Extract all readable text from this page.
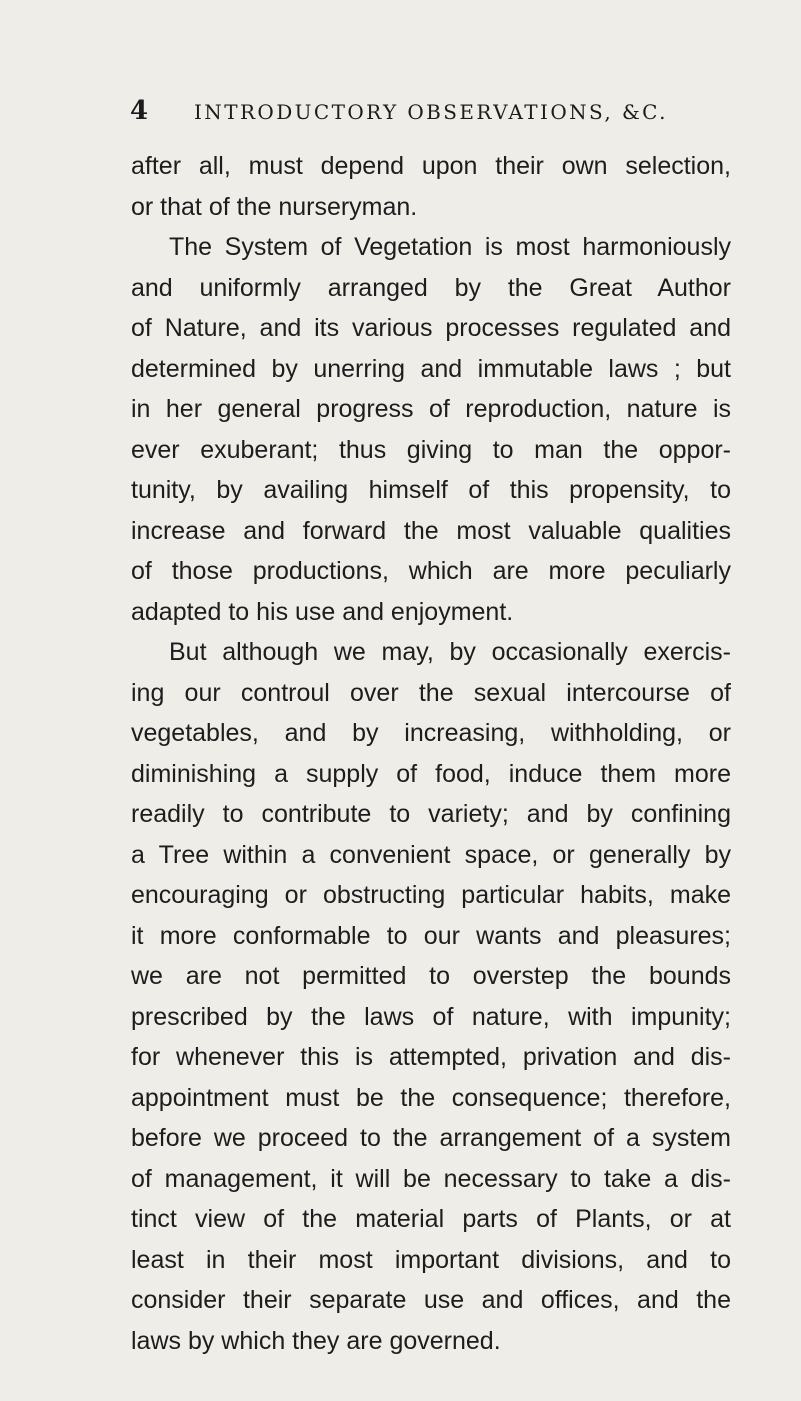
4 INTRODUCTORY OBSERVATIONS, &C.
after all, must depend upon their own selection,
or that of the nurseryman.
The System of Vegetation is most harmoniously
and uniformly arranged by the Great Author
of Nature, and its various processes regulated and
determined by unerring and immutable laws ; but
in her general progress of reproduction, nature is
ever exuberant; thus giving to man the oppor-
tunity, by availing himself of this propensity, to
increase and forward the most valuable qualities
of those productions, which are more peculiarly
adapted to his use and enjoyment.
But although we may, by occasionally exercis-
ing our controul over the sexual intercourse of
vegetables, and by increasing, withholding, or
diminishing a supply of food, induce them more
readily to contribute to variety; and by confining
a Tree within a convenient space, or generally by
encouraging or obstructing particular habits, make
it more conformable to our wants and pleasures;
we are not permitted to overstep the bounds
prescribed by the laws of nature, with impunity;
for whenever this is attempted, privation and dis-
appointment must be the consequence; therefore,
before we proceed to the arrangement of a system
of management, it will be necessary to take a dis-
tinct view of the material parts of Plants, or at
least in their most important divisions, and to
consider their separate use and offices, and the
laws by which they are governed.
